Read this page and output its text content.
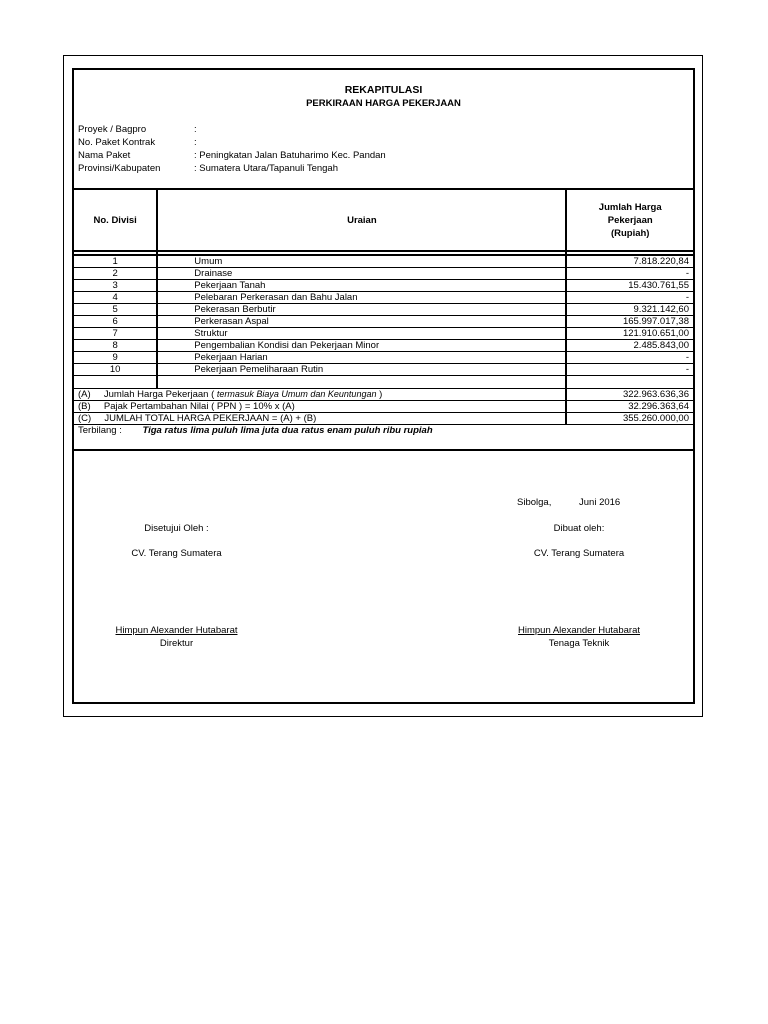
REKAPITULASI
PERKIRAAN HARGA PEKERJAAN
Proyek / Bagpro	:
No. Paket Kontrak	:
Nama Paket	: Peningkatan Jalan Batuharimo Kec. Pandan
Provinsi/Kabupaten	: Sumatera Utara/Tapanuli Tengah
No. Divisi	Uraian	Jumlah Harga
Pekerjaan
(Rupiah)

1	Umum	7.818.220,84
2	Drainase	-
3	Pekerjaan Tanah	15.430.761,55
4	Pelebaran Perkerasan dan Bahu Jalan	-
5	Pekerasan Berbutir	9.321.142,60
6	Perkerasan Aspal	165.997.017,38
7	Struktur	121.910.651,00
8	Pengembalian Kondisi dan Pekerjaan Minor	2.485.843,00
9	Pekerjaan Harian	-
10	Pekerjaan Pemeliharaan Rutin	-

(A) Jumlah Harga Pekerjaan ( termasuk Biaya Umum dan Keuntungan )		322.963.636,36
(B) Pajak Pertambahan Nilai ( PPN ) = 10% x (A)		32.296.363,64
(C) JUMLAH TOTAL HARGA PEKERJAAN = (A) + (B)		355.260.000,00
Terbilang : Tiga ratus lima puluh lima juta dua ratus enam puluh ribu rupiah		
Sibolga,	Juni 2016
Disetujui Oleh :
CV. Terang Sumatera
Himpun Alexander Hutabarat
Direktur
Dibuat oleh:
CV. Terang Sumatera
Himpun Alexander Hutabarat
Tenaga Teknik
